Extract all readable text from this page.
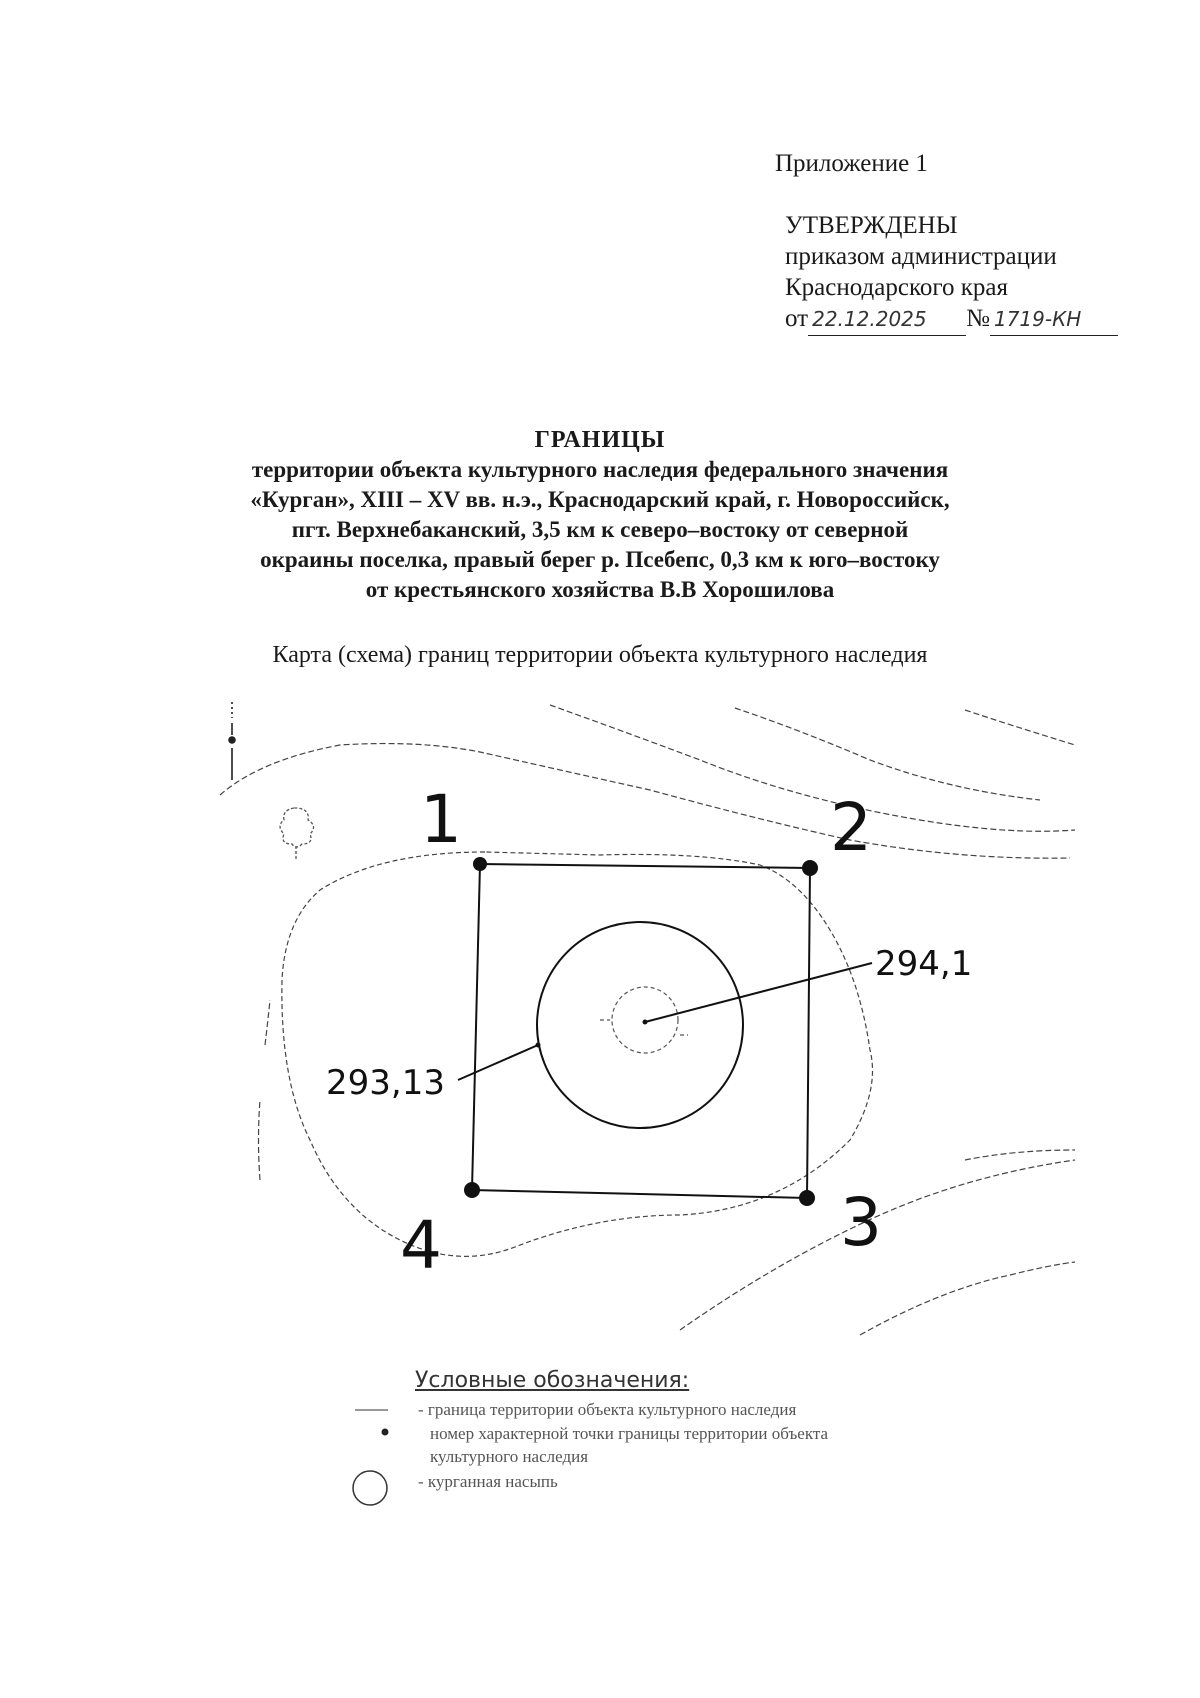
Приложение 1
УТВЕРЖДЕНЫ
приказом администрации
Краснодарского края
от 22.12.2025 № 1719-КН
ГРАНИЦЫ
территории объекта культурного наследия федерального значения
«Курган», XIII – XV вв. н.э., Краснодарский край, г. Новороссийск,
пгт. Верхнебаканский, 3,5 км к северо–востоку от северной
окраины поселка, правый берег р. Псебепс, 0,3 км к юго–востоку
от крестьянского хозяйства В.В Хорошилова
Карта (схема) границ территории объекта культурного наследия
1	2
3
4
294,1
293,13
Условные обозначения:
- граница территории объекта культурного наследия
номер характерной точки границы территории объекта
культурного наследия
- курганная насыпь
